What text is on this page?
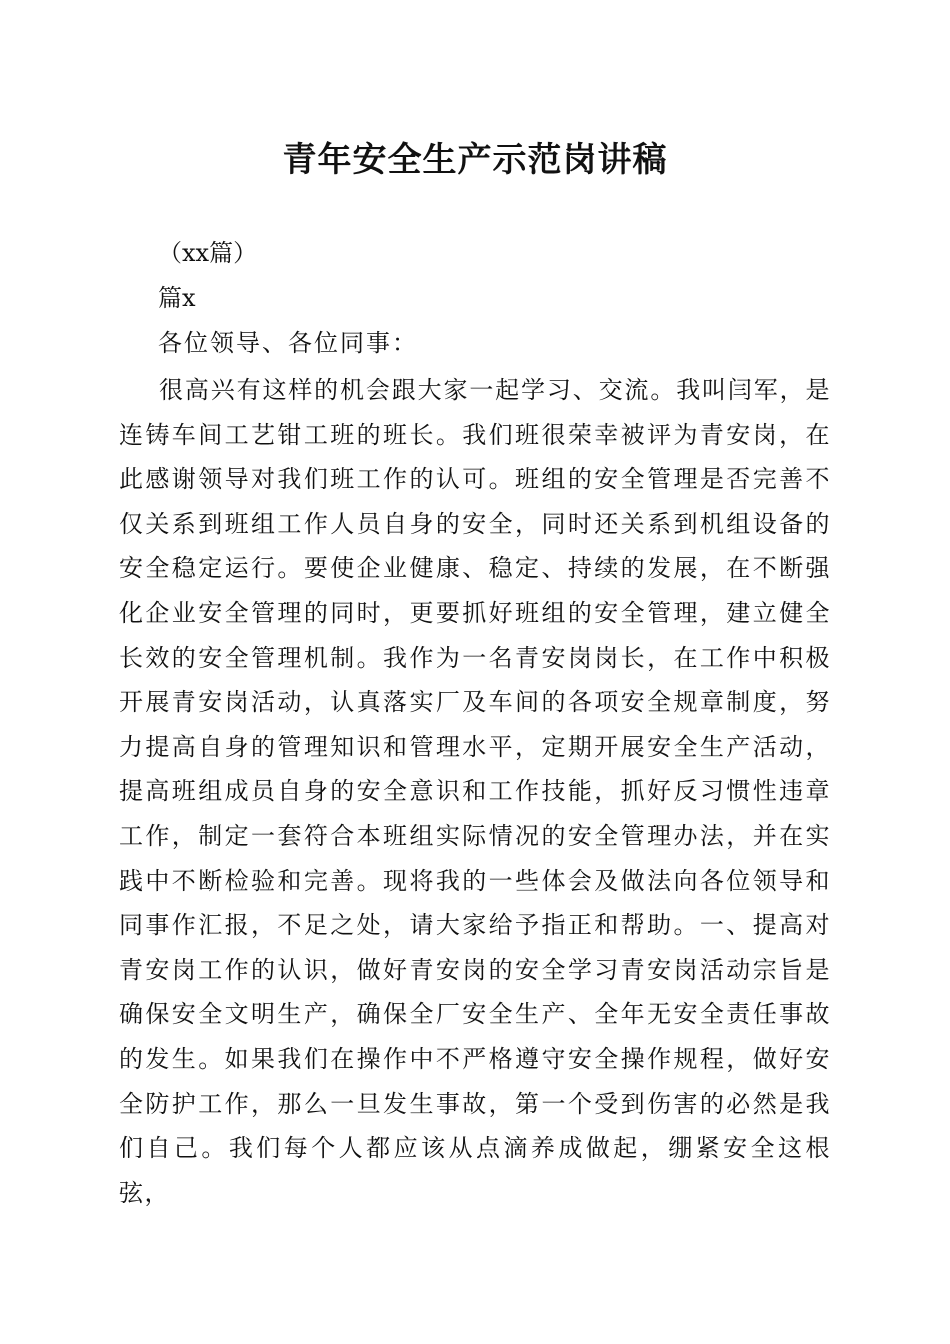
青年安全生产示范岗讲稿

（xx篇）

篇x

各位领导、各位同事：

很高兴有这样的机会跟大家一起学习、交流。我叫闫军，是连铸车间工艺钳工班的班长。我们班很荣幸被评为青安岗，在此感谢领导对我们班工作的认可。班组的安全管理是否完善不仅关系到班组工作人员自身的安全，同时还关系到机组设备的安全稳定运行。要使企业健康、稳定、持续的发展，在不断强化企业安全管理的同时，更要抓好班组的安全管理，建立健全长效的安全管理机制。我作为一名青安岗岗长，在工作中积极开展青安岗活动，认真落实厂及车间的各项安全规章制度，努力提高自身的管理知识和管理水平，定期开展安全生产活动，提高班组成员自身的安全意识和工作技能，抓好反习惯性违章工作，制定一套符合本班组实际情况的安全管理办法，并在实践中不断检验和完善。现将我的一些体会及做法向各位领导和同事作汇报，不足之处，请大家给予指正和帮助。一、提高对青安岗工作的认识，做好青安岗的安全学习青安岗活动宗旨是确保安全文明生产，确保全厂安全生产、全年无安全责任事故的发生。如果我们在操作中不严格遵守安全操作规程，做好安全防护工作，那么一旦发生事故，第一个受到伤害的必然是我们自己。我们每个人都应该从点滴养成做起，绷紧安全这根弦，
